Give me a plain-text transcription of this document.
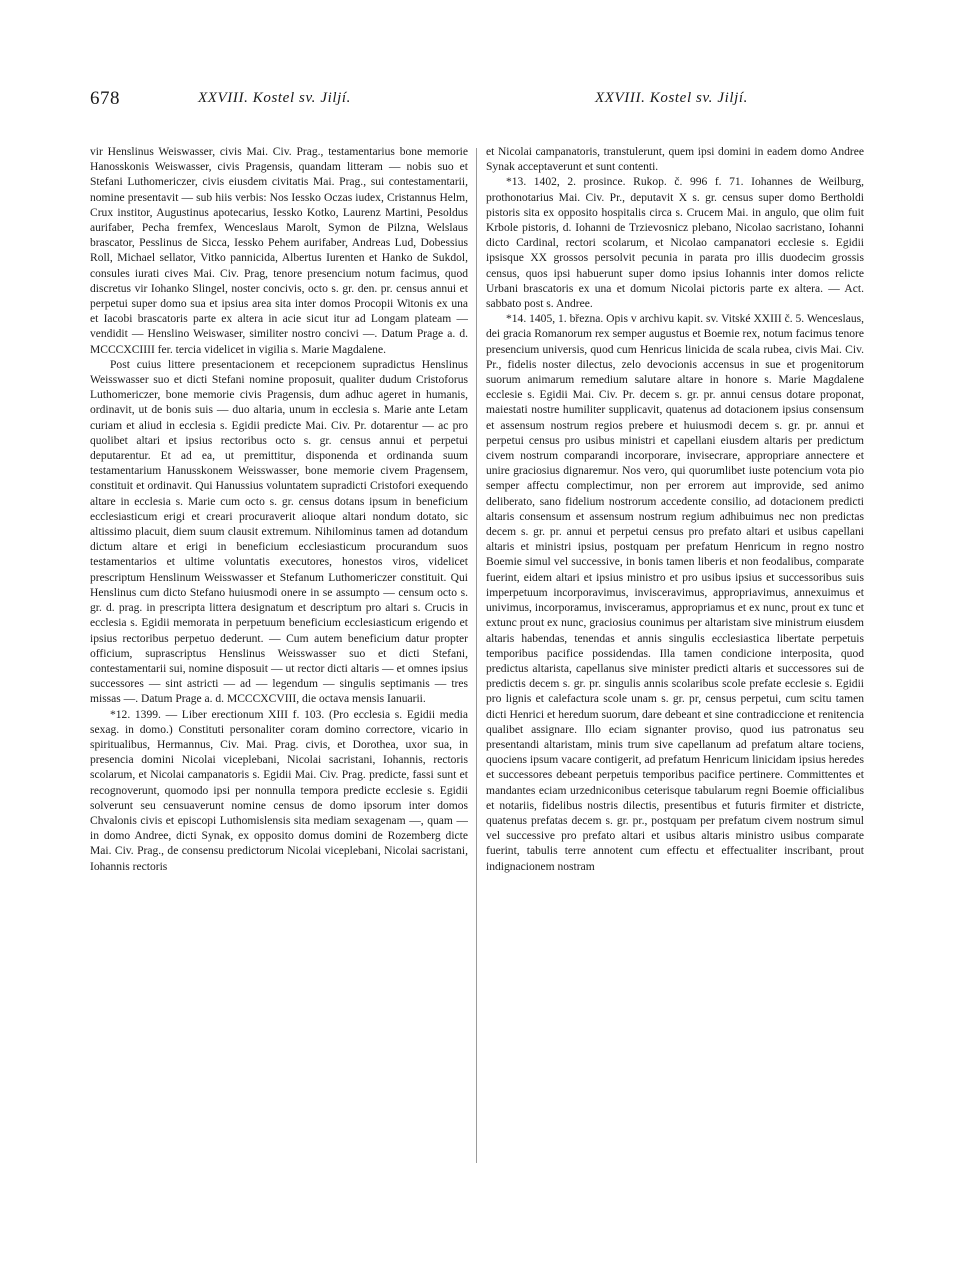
678	XXVIII. Kostel sv. Jiljí.	XXVIII. Kostel sv. Jiljí.

vir Henslinus Weiswasser, civis Mai. Civ. Prag., testamentarius bone memorie Hanosskonis Weiswasser, civis Pragensis, quandam litteram — nobis suo et Stefani Luthomericzer, civis eiusdem civitatis Mai. Prag., sui contestamentarii, nomine presentavit — sub hiis verbis: Nos Iessko Oczas iudex, Cristannus Helm, Crux institor, Augustinus apotecarius, Iessko Kotko, Laurenz Martini, Pesoldus aurifaber, Pecha fremfex, Wenceslaus Marolt, Symon de Pilzna, Welslaus brascator, Pesslinus de Sicca, Iessko Pehem aurifaber, Andreas Lud, Dobessius Roll, Michael sellator, Vitko pannicida, Albertus Iurenten et Hanko de Sukdol, consules iurati cives Mai. Civ. Prag, tenore presencium notum facimus, quod discretus vir Iohanko Slingel, noster concivis, octo s. gr. den. pr. census annui et perpetui super domo sua et ipsius area sita inter domos Procopii Witonis ex una et Iacobi brascatoris parte ex altera in acie sicut itur ad Longam plateam — vendidit — Henslino Weiswaser, similiter nostro concivi —. Datum Prage a. d. MCCCXCIIII fer. tercia videlicet in vigilia s. Marie Magdalene.

Post cuius littere presentacionem et recepcionem supradictus Henslinus Weisswasser suo et dicti Stefani nomine proposuit, qualiter dudum Cristoforus Luthomericzer, bone memorie civis Pragensis, dum adhuc ageret in humanis, ordinavit, ut de bonis suis — duo altaria, unum in ecclesia s. Marie ante Letam curiam et aliud in ecclesia s. Egidii predicte Mai. Civ. Pr. dotarentur — ac pro quolibet altari et ipsius rectoribus octo s. gr. census annui et perpetui deputarentur. Et ad ea, ut premittitur, disponenda et ordinanda suum testamentarium Hanusskonem Weisswasser, bone memorie civem Pragensem, constituit et ordinavit. Qui Hanussius voluntatem supradicti Cristofori exequendo altare in ecclesia s. Marie cum octo s. gr. census dotans ipsum in beneficium ecclesiasticum erigi et creari procuraverit alioque altari nondum dotato, sic altissimo placuit, diem suum clausit extremum. Nihilominus tamen ad dotandum dictum altare et erigi in beneficium ecclesiasticum procurandum suos testamentarios et ultime voluntatis executores, honestos viros, videlicet prescriptum Henslinum Weisswasser et Stefanum Luthomericzer constituit. Qui Henslinus cum dicto Stefano huiusmodi onere in se assumpto — censum octo s. gr. d. prag. in prescripta littera designatum et descriptum pro altari s. Crucis in ecclesia s. Egidii memorata in perpetuum beneficium ecclesiasticum erigendo et ipsius rectoribus perpetuo dederunt. — Cum autem beneficium datur propter officium, suprascriptus Henslinus Weisswasser suo et dicti Stefani, contestamentarii sui, nomine disposuit — ut rector dicti altaris — et omnes ipsius successores — sint astricti — ad — legendum — singulis septimanis — tres missas —. Datum Prage a. d. MCCCXCVIII, die octava mensis Ianuarii.

*12. 1399. — Liber erectionum XIII f. 103. (Pro ecclesia s. Egidii media sexag. in domo.) Constituti personaliter coram domino correctore, vicario in spiritualibus, Hermannus, Civ. Mai. Prag. civis, et Dorothea, uxor sua, in presencia domini Nicolai viceplebani, Nicolai sacristani, Iohannis, rectoris scolarum, et Nicolai campanatoris s. Egidii Mai. Civ. Prag. predicte, fassi sunt et recognoverunt, quomodo ipsi per nonnulla tempora predicte ecclesie s. Egidii solverunt seu censuaverunt nomine census de domo ipsorum inter domos Chvalonis civis et episcopi Luthomislensis sita mediam sexagenam —, quam — in domo Andree, dicti Synak, ex opposito domus domini de Rozemberg dicte Mai. Civ. Prag., de consensu predictorum Nicolai viceplebani, Nicolai sacristani, Iohannis rectoris

et Nicolai campanatoris, transtulerunt, quem ipsi domini in eadem domo Andree Synak acceptaverunt et sunt contenti.

*13. 1402, 2. prosince. Rukop. č. 996 f. 71. Iohannes de Weilburg, prothonotarius Mai. Civ. Pr., deputavit X s. gr. census super domo Bertholdi pistoris sita ex opposito hospitalis circa s. Crucem Mai. in angulo, que olim fuit Krbole pistoris, d. Iohanni de Trzievosnicz plebano, Nicolao sacristano, Iohanni dicto Cardinal, rectori scolarum, et Nicolao campanatori ecclesie s. Egidii ipsisque XX grossos persolvit pecunia in parata pro illis duodecim grossis census, quos ipsi habuerunt super domo ipsius Iohannis inter domos relicte Urbani brascatoris ex una et domum Nicolai pictoris parte ex altera. — Act. sabbato post s. Andree.

*14. 1405, 1. března. Opis v archivu kapit. sv. Vitské XXIII č. 5. Wenceslaus, dei gracia Romanorum rex semper augustus et Boemie rex, notum facimus tenore presencium universis, quod cum Henricus linicida de scala rubea, civis Mai. Civ. Pr., fidelis noster dilectus, zelo devocionis accensus in sue et progenitorum suorum animarum remedium salutare altare in honore s. Marie Magdalene ecclesie s. Egidii Mai. Civ. Pr. decem s. gr. pr. annui census dotare proponat, maiestati nostre humiliter supplicavit, quatenus ad dotacionem ipsius consensum et assensum nostrum regios prebere et huiusmodi decem s. gr. pr. annui et perpetui census pro usibus ministri et capellani eiusdem altaris per predictum civem nostrum comparandi incorporare, invisecrare, appropriare annectere et unire graciosius dignaremur. Nos vero, qui quorumlibet iuste potencium vota pio semper affectu complectimur, non per errorem aut improvide, sed animo deliberato, sano fidelium nostrorum accedente consilio, ad dotacionem predicti altaris consensum et assensum nostrum regium adhibuimus nec non predictas decem s. gr. pr. annui et perpetui census pro prefato altari et usibus capellani altaris et ministri ipsius, postquam per prefatum Henricum in regno nostro Boemie simul vel successive, in bonis tamen liberis et non feodalibus, comparate fuerint, eidem altari et ipsius ministro et pro usibus ipsius et successoribus suis imperpetuum incorporavimus, invisceravimus, appropriavimus, annexuimus et univimus, incorporamus, invisceramus, appropriamus et ex nunc, prout ex tunc et extunc prout ex nunc, graciosius counimus per altaristam sive ministrum eiusdem altaris habendas, tenendas et annis singulis ecclesiastica libertate perpetuis temporibus pacifice possidendas. Illa tamen condicione interposita, quod predictus altarista, capellanus sive minister predicti altaris et successores sui de predictis decem s. gr. pr. singulis annis scolaribus scole prefate ecclesie s. Egidii pro lignis et calefactura scole unam s. gr. pr, census perpetui, cum scitu tamen dicti Henrici et heredum suorum, dare debeant et sine contradiccione et renitencia qualibet assignare. Illo eciam signanter proviso, quod ius patronatus seu presentandi altaristam, minis trum sive capellanum ad prefatum altare tociens, quociens ipsum vacare contigerit, ad prefatum Henricum linicidam ipsius heredes et successores debeant perpetuis temporibus pacifice pertinere. Committentes et mandantes eciam urzedniconibus ceterisque tabularum regni Boemie officialibus et notariis, fidelibus nostris dilectis, presentibus et futuris firmiter et districte, quatenus prefatas decem s. gr. pr., postquam per prefatum civem nostrum simul vel successive pro prefato altari et usibus altaris ministro usibus comparate fuerint, tabulis terre annotent cum effectu et effectualiter inscribant, prout indignacionem nostram
